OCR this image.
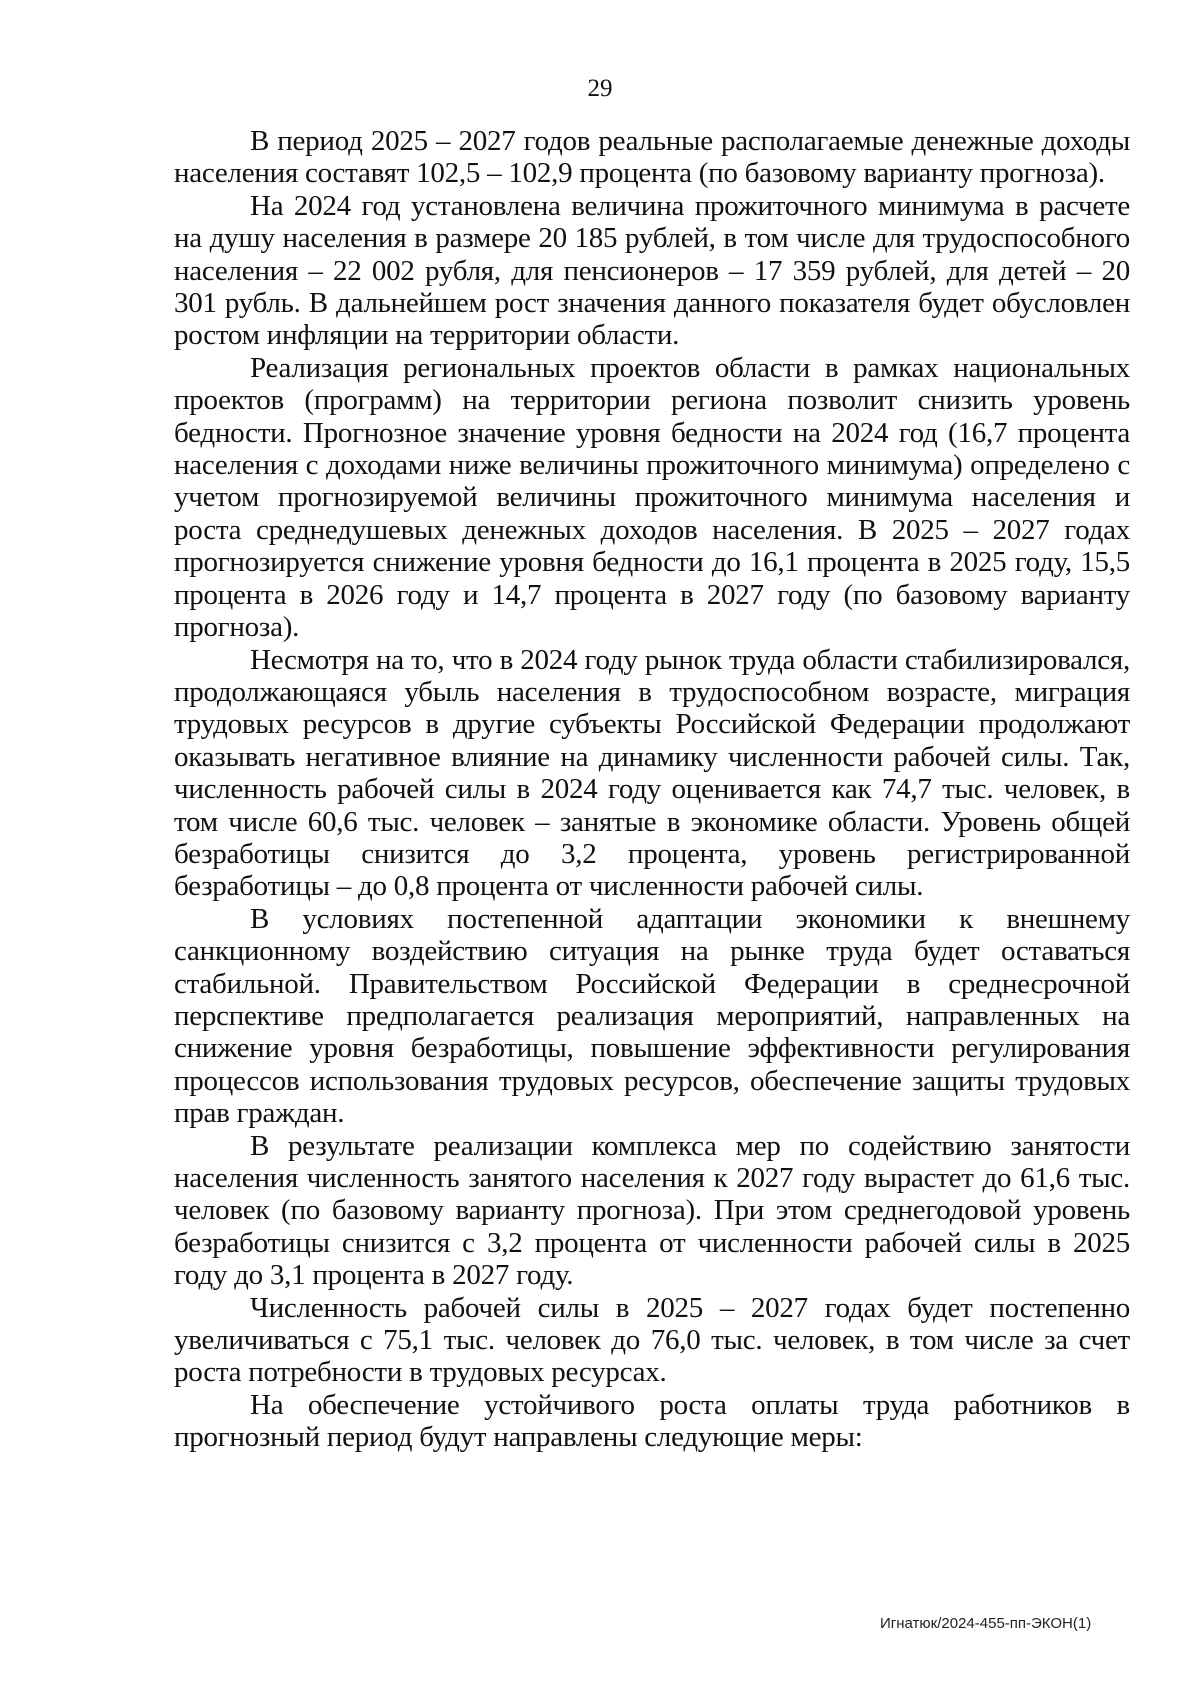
29

В период 2025 – 2027 годов реальные располагаемые денежные доходы населения составят 102,5 – 102,9 процента (по базовому варианту прогноза).

На 2024 год установлена величина прожиточного минимума в расчете на душу населения в размере 20 185 рублей, в том числе для трудоспособного населения – 22 002 рубля, для пенсионеров – 17 359 рублей, для детей – 20 301 рубль. В дальнейшем рост значения данного показателя будет обусловлен ростом инфляции на территории области.

Реализация региональных проектов области в рамках национальных проектов (программ) на территории региона позволит снизить уровень бедности. Прогнозное значение уровня бедности на 2024 год (16,7 процента населения с доходами ниже величины прожиточного минимума) определено с учетом прогнозируемой величины прожиточного минимума населения и роста среднедушевых денежных доходов населения. В 2025 – 2027 годах прогнозируется снижение уровня бедности до 16,1 процента в 2025 году, 15,5 процента в 2026 году и 14,7 процента в 2027 году (по базовому варианту прогноза).

Несмотря на то, что в 2024 году рынок труда области стабилизировался, продолжающаяся убыль населения в трудоспособном возрасте, миграция трудовых ресурсов в другие субъекты Российской Федерации продолжают оказывать негативное влияние на динамику численности рабочей силы. Так, численность рабочей силы в 2024 году оценивается как 74,7 тыс. человек, в том числе 60,6 тыс. человек – занятые в экономике области. Уровень общей безработицы снизится до 3,2 процента, уровень регистрированной безработицы – до 0,8 процента от численности рабочей силы.

В условиях постепенной адаптации экономики к внешнему санкционному воздействию ситуация на рынке труда будет оставаться стабильной. Правительством Российской Федерации в среднесрочной перспективе предполагается реализация мероприятий, направленных на снижение уровня безработицы, повышение эффективности регулирования процессов использования трудовых ресурсов, обеспечение защиты трудовых прав граждан.

В результате реализации комплекса мер по содействию занятости населения численность занятого населения к 2027 году вырастет до 61,6 тыс. человек (по базовому варианту прогноза). При этом среднегодовой уровень безработицы снизится с 3,2 процента от численности рабочей силы в 2025 году до 3,1 процента в 2027 году.

Численность рабочей силы в 2025 – 2027 годах будет постепенно увеличиваться с 75,1 тыс. человек до 76,0 тыс. человек, в том числе за счет роста потребности в трудовых ресурсах.

На обеспечение устойчивого роста оплаты труда работников в прогнозный период будут направлены следующие меры:

Игнатюк/2024-455-пп-ЭКОН(1)
